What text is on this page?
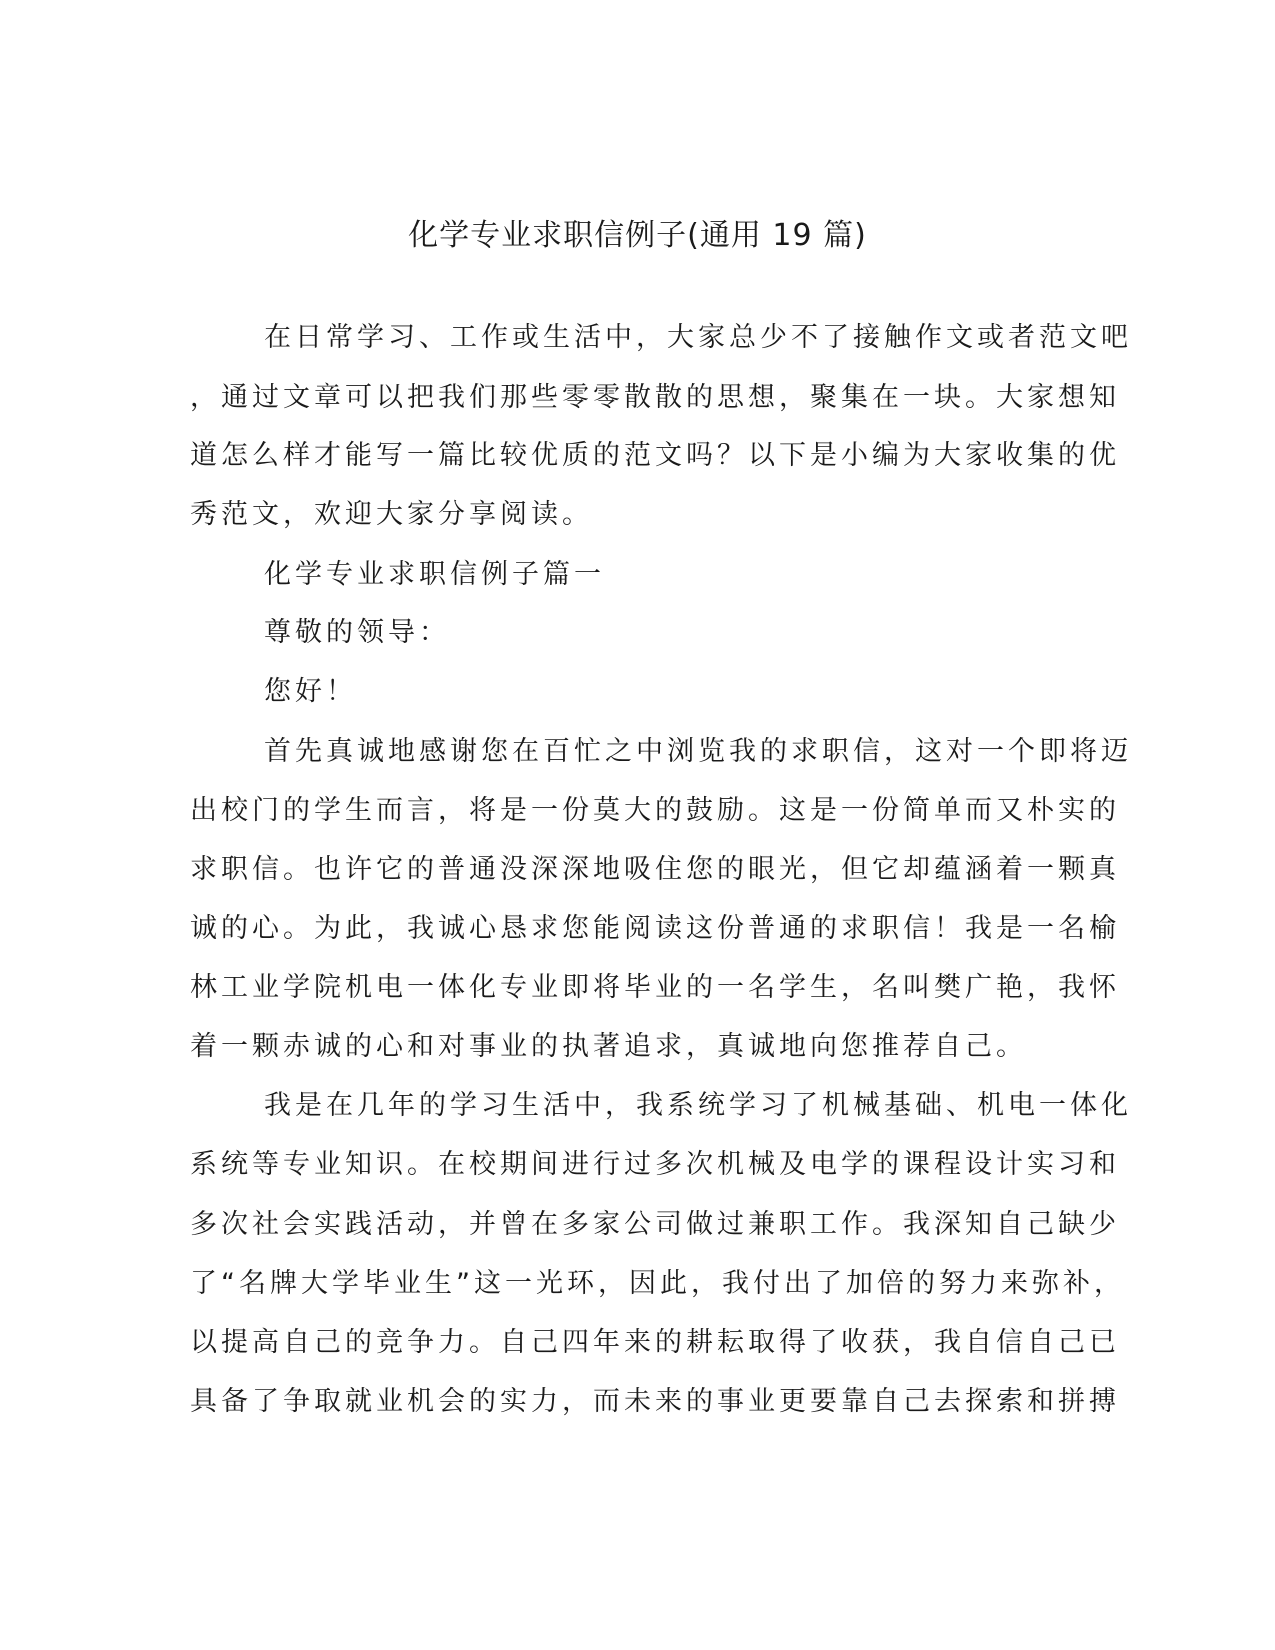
化学专业求职信例子(通用 19 篇)
在日常学习、工作或生活中，大家总少不了接触作文或者范文吧
，通过文章可以把我们那些零零散散的思想，聚集在一块。大家想知
道怎么样才能写一篇比较优质的范文吗？以下是小编为大家收集的优
秀范文，欢迎大家分享阅读。
化学专业求职信例子篇一
尊敬的领导：
您好！
首先真诚地感谢您在百忙之中浏览我的求职信，这对一个即将迈
出校门的学生而言，将是一份莫大的鼓励。这是一份简单而又朴实的
求职信。也许它的普通没深深地吸住您的眼光，但它却蕴涵着一颗真
诚的心。为此，我诚心恳求您能阅读这份普通的求职信！我是一名榆
林工业学院机电一体化专业即将毕业的一名学生，名叫樊广艳，我怀
着一颗赤诚的心和对事业的执著追求，真诚地向您推荐自己。
我是在几年的学习生活中，我系统学习了机械基础、机电一体化
系统等专业知识。在校期间进行过多次机械及电学的课程设计实习和
多次社会实践活动，并曾在多家公司做过兼职工作。我深知自己缺少
了“名牌大学毕业生”这一光环，因此，我付出了加倍的努力来弥补，
以提高自己的竞争力。自己四年来的耕耘取得了收获，我自信自己已
具备了争取就业机会的实力，而未来的事业更要靠自己去探索和拼搏
